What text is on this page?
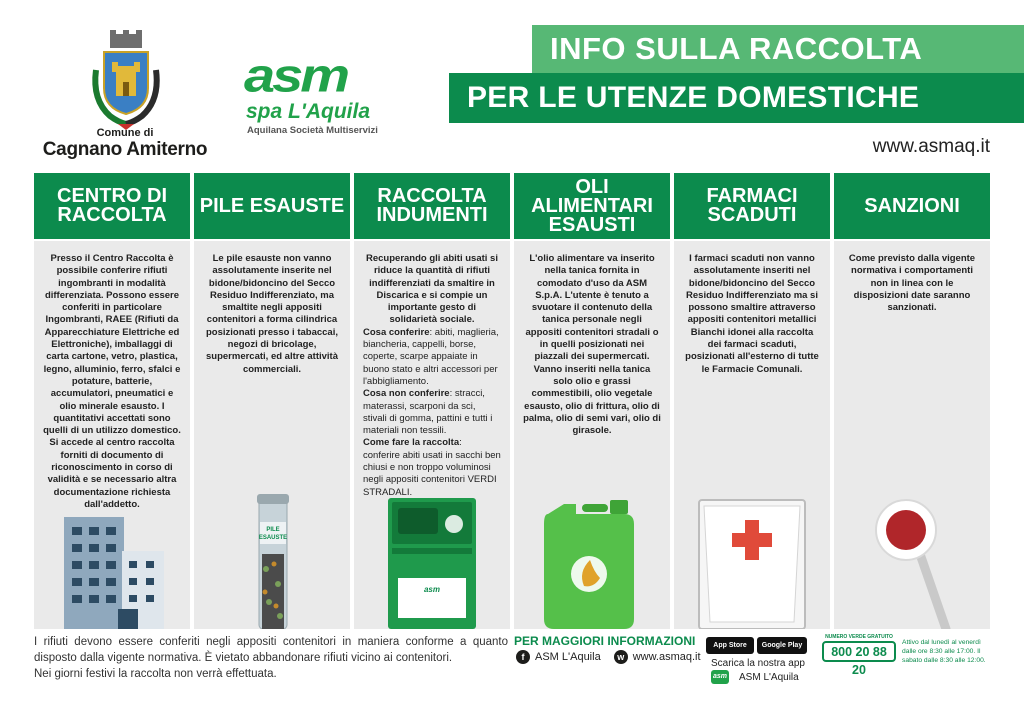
Comune di
Cagnano Amiterno
asm
spa L'Aquila
Aquilana Società Multiservizi
INFO SULLA RACCOLTA
PER LE UTENZE DOMESTICHE
www.asmaq.it
CENTRO DI RACCOLTA
Presso il Centro Raccolta è possibile conferire rifiuti ingombranti in modalità differenziata. Possono essere conferiti in particolare Ingombranti, RAEE (Rifiuti da Apparecchiature Elettriche ed Elettroniche), imballaggi di carta cartone, vetro, plastica, legno, alluminio, ferro, sfalci e potature, batterie, accumulatori, pneumatici e olio minerale esausto. I quantitativi accettati sono quelli di un utilizzo domestico. Si accede al centro raccolta forniti di documento di riconoscimento in corso di validità e se necessario altra documentazione richiesta dall'addetto.
PILE ESAUSTE
Le pile esauste non vanno assolutamente inserite nel bidone/bidoncino del Secco Residuo Indifferenziato, ma smaltite negli appositi contenitori a forma cilindrica posizionati presso i tabaccai, negozi di bricolage, supermercati, ed altre attività commerciali.
PILE
ESAUSTE
RACCOLTA INDUMENTI
Recuperando gli abiti usati si riduce la quantità di rifiuti indifferenziati da smaltire in Discarica e si compie un importante gesto di solidarietà sociale.
Cosa conferire: abiti, maglieria, biancheria, cappelli, borse, coperte, scarpe appaiate in buono stato e altri accessori per l'abbigliamento.
Cosa non conferire: stracci, materassi, scarponi da sci, stivali di gomma, pattini e tutti i materiali non tessili.
Come fare la raccolta: conferire abiti usati in sacchi ben chiusi e non troppo voluminosi negli appositi contenitori VERDI STRADALI.
asm
OLI ALIMENTARI ESAUSTI
L'olio alimentare va inserito nella tanica fornita in comodato d'uso da ASM S.p.A. L'utente è tenuto a svuotare il contenuto della tanica personale negli appositi contenitori stradali o in quelli posizionati nei piazzali dei supermercati. Vanno inseriti nella tanica solo olio e grassi commestibili, olio vegetale esausto, olio di frittura, olio di palma, olio di semi vari, olio di girasole.
FARMACI SCADUTI
I farmaci scaduti non vanno assolutamente inseriti nel bidone/bidoncino del Secco Residuo Indifferenziato ma si possono smaltire attraverso appositi contenitori metallici Bianchi idonei alla raccolta dei farmaci scaduti, posizionati all'esterno di tutte le Farmacie Comunali.
SANZIONI
Come previsto dalla vigente normativa i comportamenti non in linea con le disposizioni date saranno sanzionati.
I rifiuti devono essere conferiti negli appositi contenitori in maniera conforme a quanto
disposto dalla vigente normativa. È vietato abbandonare rifiuti vicino ai contenitori.
Nei giorni festivi la raccolta non verrà effettuata.
PER MAGGIORI INFORMAZIONI
f ASM L'Aquila	w www.asmaq.it
App Store	Google Play
Scarica la nostra app
asm ASM L'Aquila
NUMERO VERDE GRATUITO
800 20 88 20
Attivo dal lunedì al venerdì
dalle ore 8:30 alle 17:00. Il
sabato dalle 8:30 alle 12:00.
